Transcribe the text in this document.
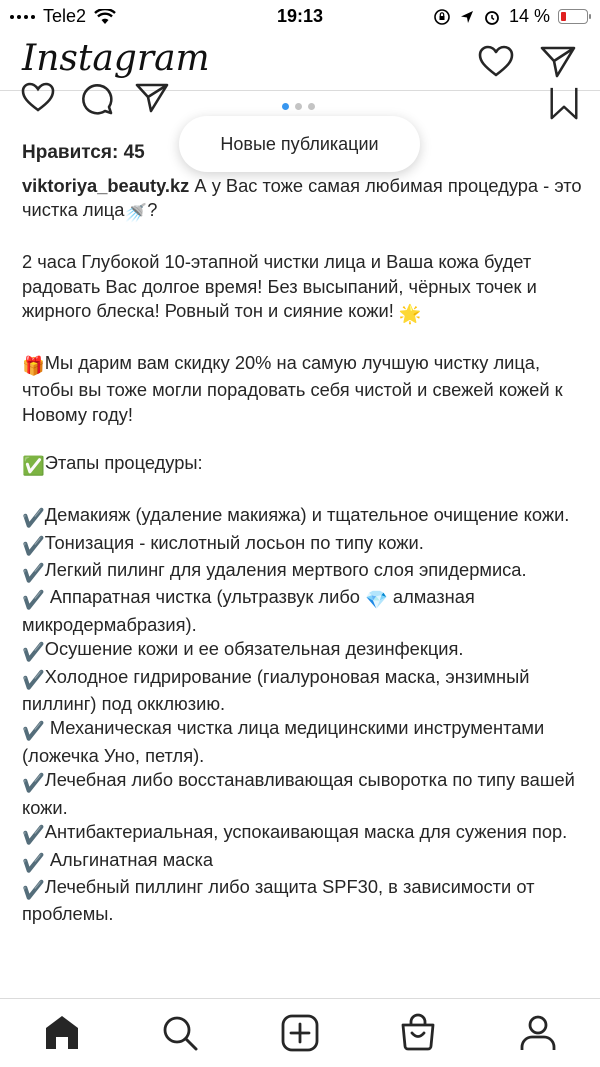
Tele2	19:13	14 %
Instagram
Нравится: 45	Новые публикации

viktoriya_beauty.kz А у Вас тоже самая любимая процедура - это чистка лица🚿?

2 часа Глубокой 10-этапной чистки лица и Ваша кожа будет радовать Вас долгое время! Без высыпаний, чёрных точек и жирного блеска! Ровный тон и сияние кожи! 🌟

🎁Мы дарим вам скидку 20% на самую лучшую чистку лица, чтобы вы тоже могли порадовать себя чистой и свежей кожей к Новому году!

✅Этапы процедуры:

✔️Демакияж (удаление макияжа) и тщательное очищение кожи.

✔️Тонизация - кислотный лосьон по типу кожи.

✔️Легкий пилинг для удаления мертвого слоя эпидермиса.

✔️ Аппаратная чистка (ультразвук либо 💎 алмазная микродермабразия).

✔️Осушение кожи и ее обязательная дезинфекция.

✔️Холодное гидрирование (гиалуроновая маска, энзимный пиллинг) под окклюзию.

✔️ Механическая чистка лица медицинскими инструментами (ложечка Уно, петля).

✔️Лечебная либо восстанавливающая сыворотка по типу вашей кожи.

✔️Антибактериальная, успокаивающая маска для сужения пор.

✔️ Альгинатная маска

✔️Лечебный пиллинг либо защита SPF30, в зависимости от проблемы.
